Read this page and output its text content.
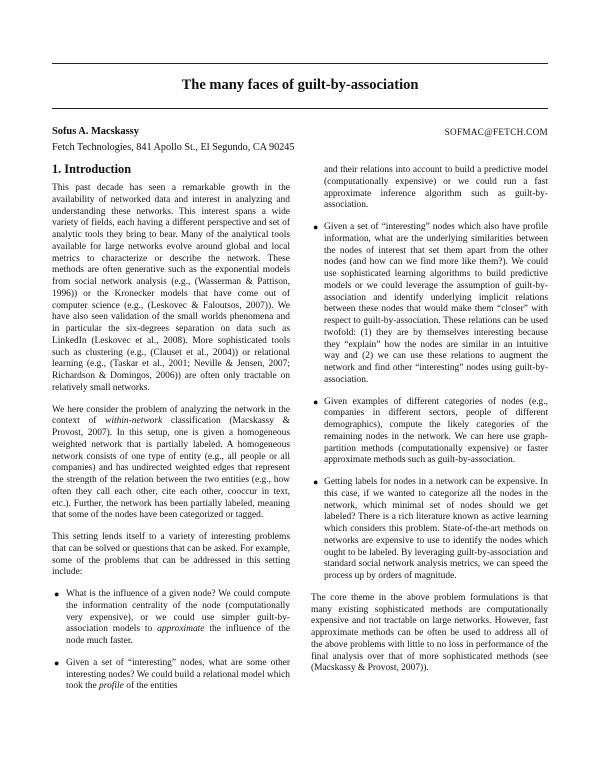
The many faces of guilt-by-association
Sofus A. Macskassy	SOFMAC@FETCH.COM
Fetch Technologies, 841 Apollo St., El Segundo, CA 90245
1. Introduction

This past decade has seen a remarkable growth in the availability of networked data and interest in analyzing and understanding these networks. This interest spans a wide variety of fields, each having a different perspective and set of analytic tools they bring to bear. Many of the analytical tools available for large networks evolve around global and local metrics to characterize or describe the network. These methods are often generative such as the exponential models from social network analysis (e.g., (Wasserman & Pattison, 1996)) or the Kronecker models that have come out of computer science (e.g., (Leskovec & Faloutsos, 2007)). We have also seen validation of the small worlds phenomena and in particular the six-degrees separation on data such as LinkedIn (Leskovec et al., 2008). More sophisticated tools such as clustering (e.g., (Clauset et al., 2004)) or relational learning (e.g., (Taskar et al., 2001; Neville & Jensen, 2007; Richardson & Domingos, 2006)) are often only tractable on relatively small networks.

We here consider the problem of analyzing the network in the context of within-network classification (Macskassy & Provost, 2007). In this setup, one is given a homogeneous weighted network that is partially labeled. A homogeneous network consists of one type of entity (e.g., all people or all companies) and has undirected weighted edges that represent the strength of the relation between the two entities (e.g., how often they call each other, cite each other, cooccur in text, etc.). Further, the network has been partially labeled, meaning that some of the nodes have been categorized or tagged.

This setting lends itself to a variety of interesting problems that can be solved or questions that can be asked. For example, some of the problems that can be addressed in this setting include:

● What is the influence of a given node? We could compute the information centrality of the node (computationally very expensive), or we could use simpler guilt-by-association models to approximate the influence of the node much faster.
● Given a set of “interesting” nodes, what are some other interesting nodes? We could build a relational model which took the profile of the entities
and their relations into account to build a predictive model (computationally expensive) or we could run a fast approximate inference algorithm such as guilt-by-association.
● Given a set of “interesting” nodes which also have profile information, what are the underlying similarities between the nodes of interest that set them apart from the other nodes (and how can we find more like them?). We could use sophisticated learning algorithms to build predictive models or we could leverage the assumption of guilt-by-association and identify underlying implicit relations between these nodes that would make them “closer” with respect to guilt-by-association. These relations can be used twofold: (1) they are by themselves interesting because they “explain” how the nodes are similar in an intuitive way and (2) we can use these relations to augment the network and find other “interesting” nodes using guilt-by-association.
● Given examples of different categories of nodes (e.g., companies in different sectors, people of different demographics), compute the likely categories of the remaining nodes in the network. We can here use graph-partition methods (computationally expensive) or faster approximate methods such as guilt-by-association.
● Getting labels for nodes in a network can be expensive. In this case, if we wanted to categorize all the nodes in the network, which minimal set of nodes should we get labeled? There is a rich literature known as active learning which considers this problem. State-of-the-art methods on networks are expensive to use to identify the nodes which ought to be labeled. By leveraging guilt-by-association and standard social network analysis metrics, we can speed the process up by orders of magnitude.

The core theme in the above problem formulations is that many existing sophisticated methods are computationally expensive and not tractable on large networks. However, fast approximate methods can be often be used to address all of the above problems with little to no loss in performance of the final analysis over that of more sophisticated methods (see (Macskassy & Provost, 2007)).
